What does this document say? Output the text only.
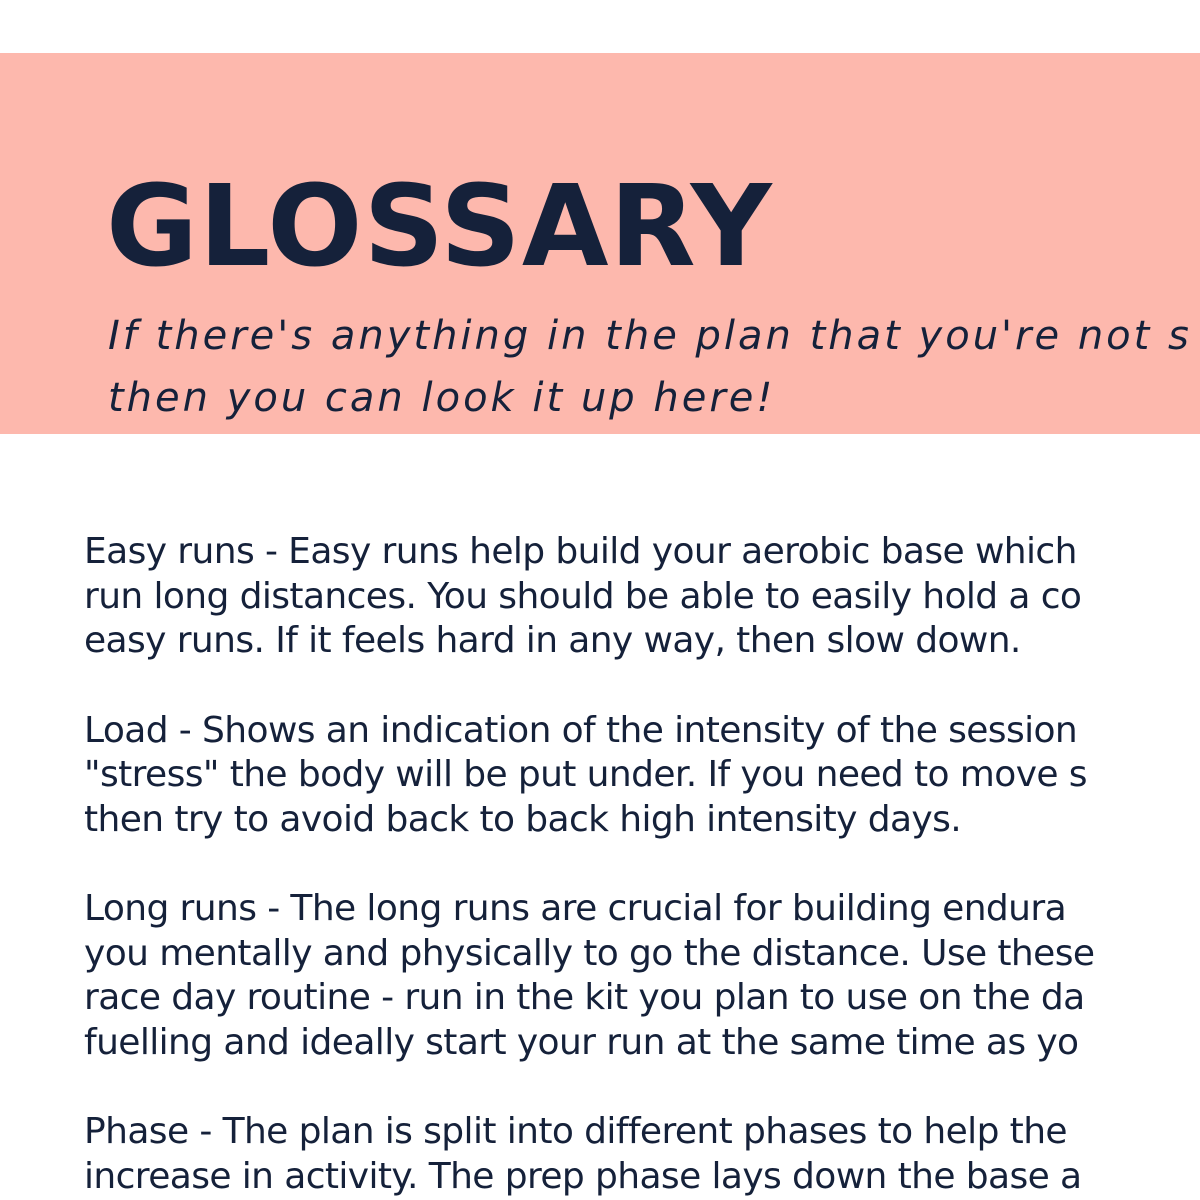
GLOSSARY

If there's anything in the plan that you're not s
then you can look it up here!

Easy runs - Easy runs help build your aerobic base which
run long distances. You should be able to easily hold a co
easy runs. If it feels hard in any way, then slow down.

Load - Shows an indication of the intensity of the session
"stress" the body will be put under. If you need to move s
then try to avoid back to back high intensity days.

Long runs - The long runs are crucial for building endura
you mentally and physically to go the distance. Use these
race day routine - run in the kit you plan to use on the da
fuelling and ideally start your run at the same time as yo

Phase - The plan is split into different phases to help the
increase in activity. The prep phase lays down the base a
